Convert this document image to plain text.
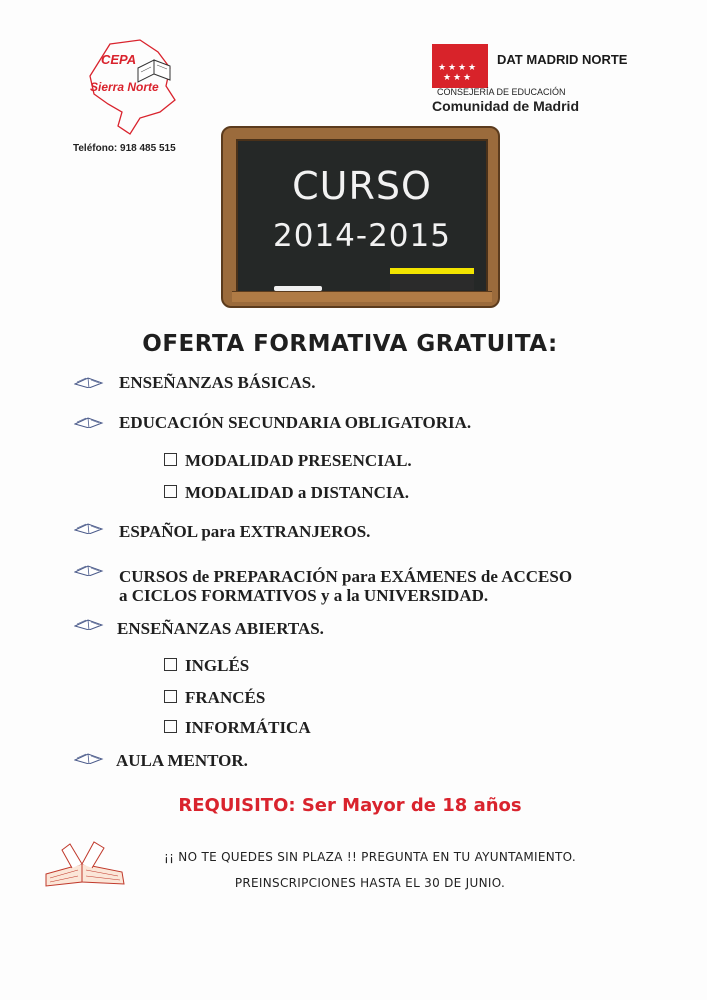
CEPA
Sierra Norte
Teléfono: 918 485 515
★ ★ ★ ★
★ ★ ★
DAT MADRID NORTE
CONSEJERÍA DE EDUCACIÓN
Comunidad de Madrid
CURSO
2014-2015
OFERTA FORMATIVA GRATUITA:
ENSEÑANZAS BÁSICAS.
EDUCACIÓN SECUNDARIA OBLIGATORIA.
MODALIDAD PRESENCIAL.
MODALIDAD a DISTANCIA.
ESPAÑOL para EXTRANJEROS.
CURSOS de PREPARACIÓN para EXÁMENES de ACCESO
a CICLOS FORMATIVOS y a la UNIVERSIDAD.
ENSEÑANZAS ABIERTAS.
INGLÉS
FRANCÉS
INFORMÁTICA
AULA MENTOR.
REQUISITO: Ser Mayor de 18 años
¡¡ NO TE QUEDES SIN PLAZA !! PREGUNTA EN TU AYUNTAMIENTO.
PREINSCRIPCIONES HASTA EL 30 DE JUNIO.
